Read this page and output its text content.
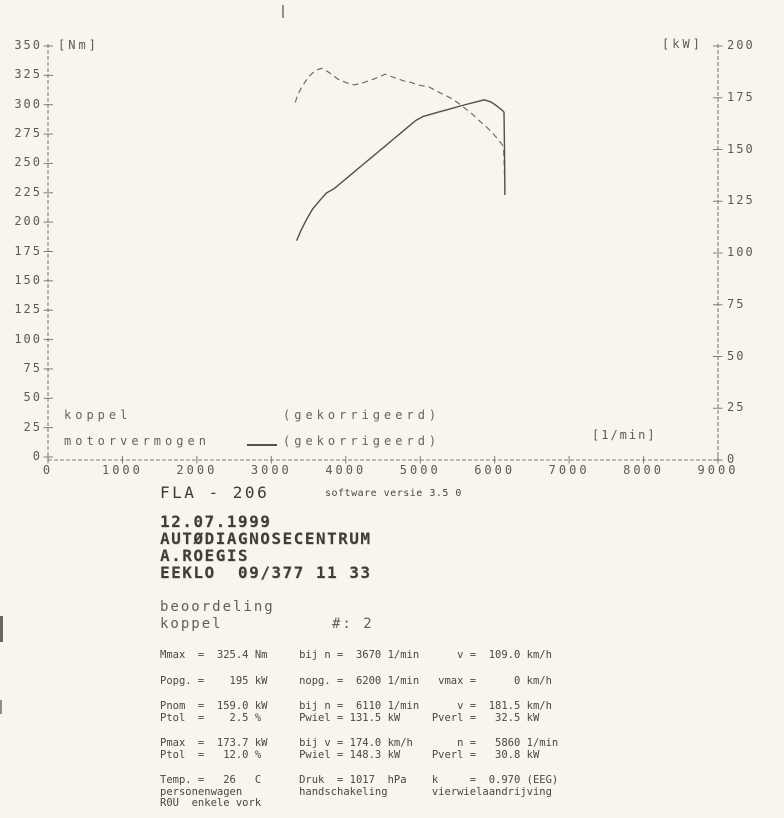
350
325
300
275
250
225
200
175
150
125
100
75
50
25
0
200
175
150
125
100
75
50
25
0
0	1000	2000	3000	4000	5000	6000	7000	8000	9000
[Nm]	[kW]
[1/min]
koppel	(gekorrigeerd)
motorvermogen	(gekorrigeerd)
FLA - 206	software versie 3.5 0
12.07.1999
AUTØDIAGNOSECENTRUM
A.ROEGIS
EEKLO  09/377 11 33
beoordeling
koppel	#: 2
Mmax  =  325.4 Nm     bij n =  3670 1/min      v =  109.0 km/h
Popg. =    195 kW     nopg. =  6200 1/min   vmax =      0 km/h
Pnom  =  159.0 kW     bij n =  6110 1/min      v =  181.5 km/h
Ptol  =    2.5 %      Pwiel = 131.5 kW     Pverl =   32.5 kW
Pmax  =  173.7 kW     bij v = 174.0 km/h       n =   5860 1/min
Ptol  =   12.0 %      Pwiel = 148.3 kW     Pverl =   30.8 kW
Temp. =   26   C      Druk  = 1017  hPa    k     =  0.970 (EEG)
personenwagen         handschakeling       vierwielaandrijving
R0U  enkele vork
